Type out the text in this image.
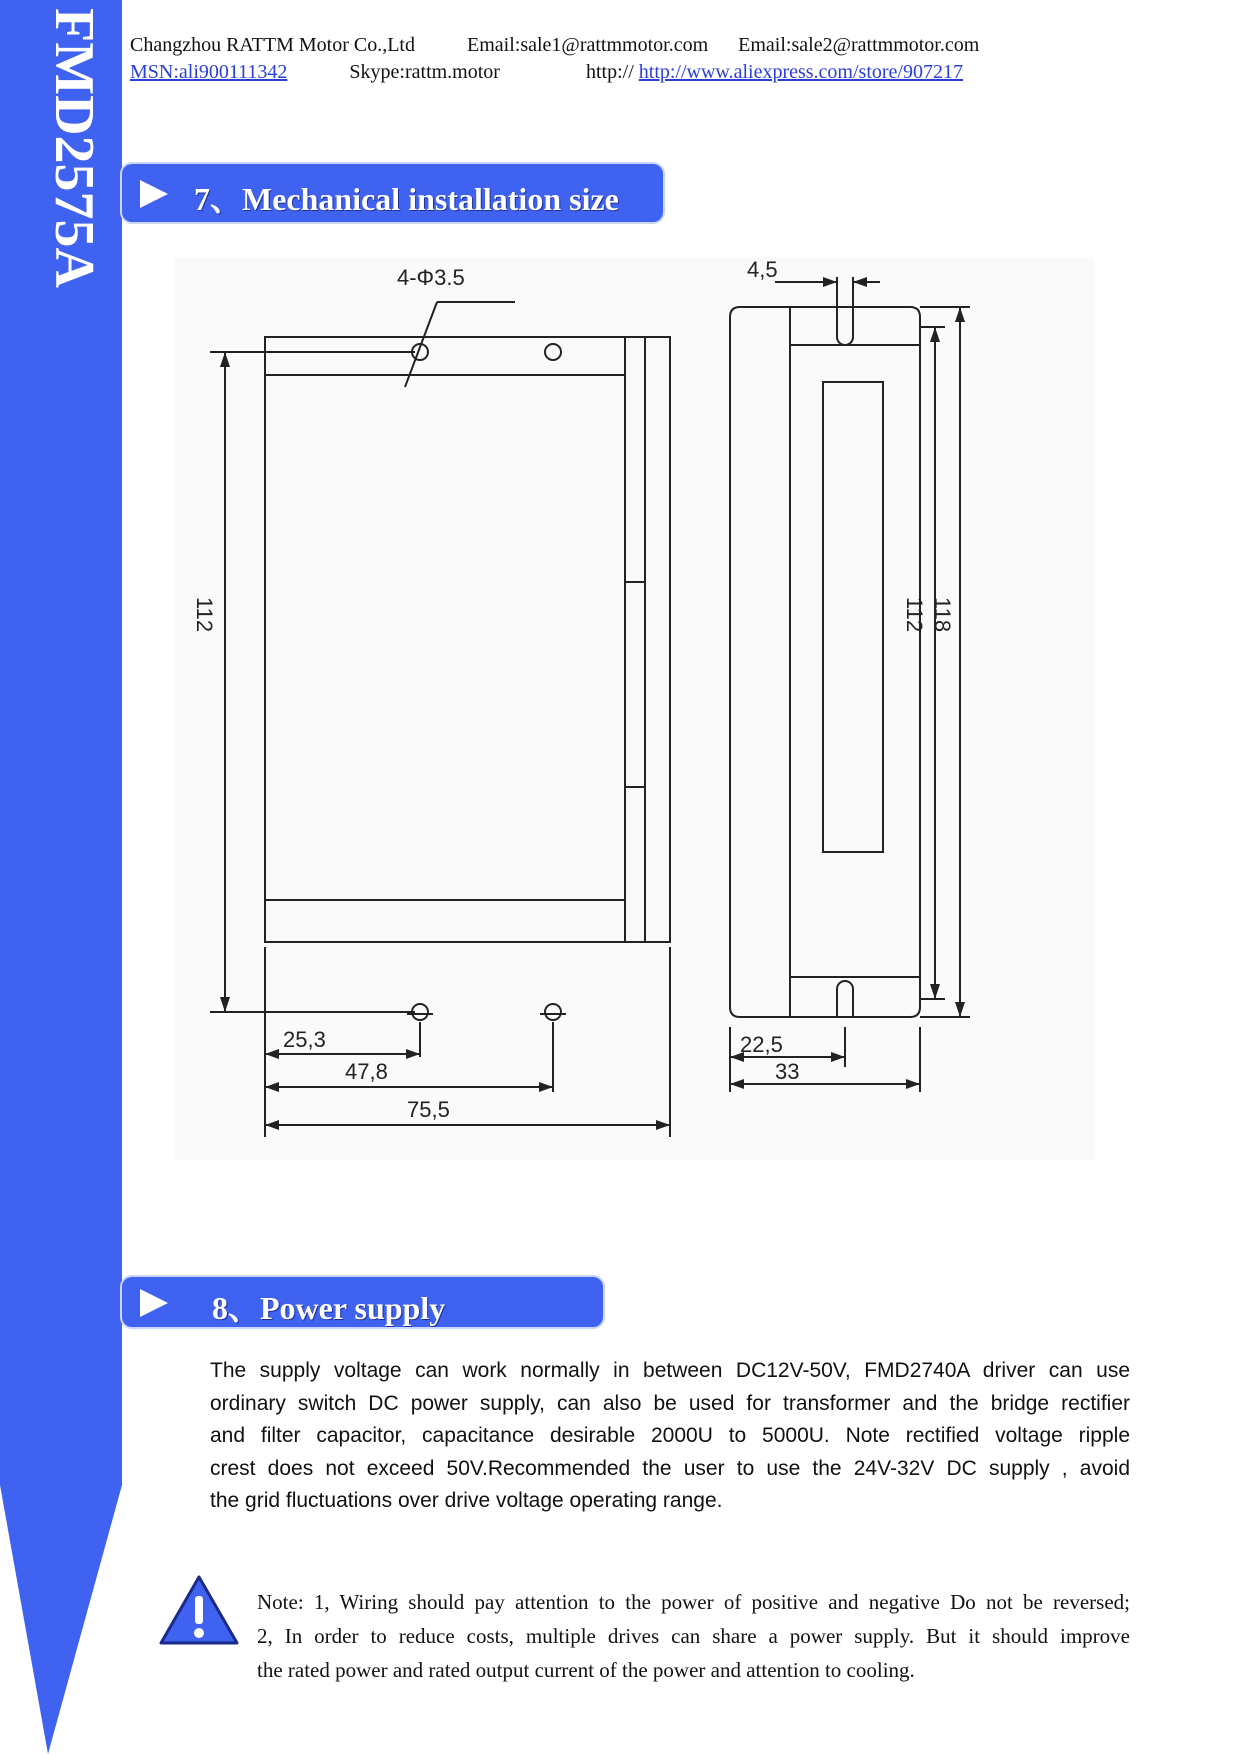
FMD2575A Changzhou RATTM Motor Co.,Ltd	Email:sale1@rattmmotor.com Email:sale2@rattmmotor.com
MSN:ali900111342	Skype:rattm.motor	http:// http://www.aliexpress.com/store/907217
7、Mechanical installation size
4-Φ3.5
112
25,3
47,8
75,5
4,5
112 118
22,5
33
8、Power supply
The supply voltage can work normally in between DC12V-50V, FMD2740A driver can use
ordinary switch DC power supply, can also be used for transformer and the bridge rectifier
and filter capacitor, capacitance desirable 2000U to 5000U. Note rectified voltage ripple
crest does not exceed 50V.Recommended the user to use the 24V-32V DC supply , avoid
the grid fluctuations over drive voltage operating range.
Note: 1, Wiring should pay attention to the power of positive and negative Do not be reversed;
2, In order to reduce costs, multiple drives can share a power supply. But it should improve
the rated power and rated output current of the power and attention to cooling.
